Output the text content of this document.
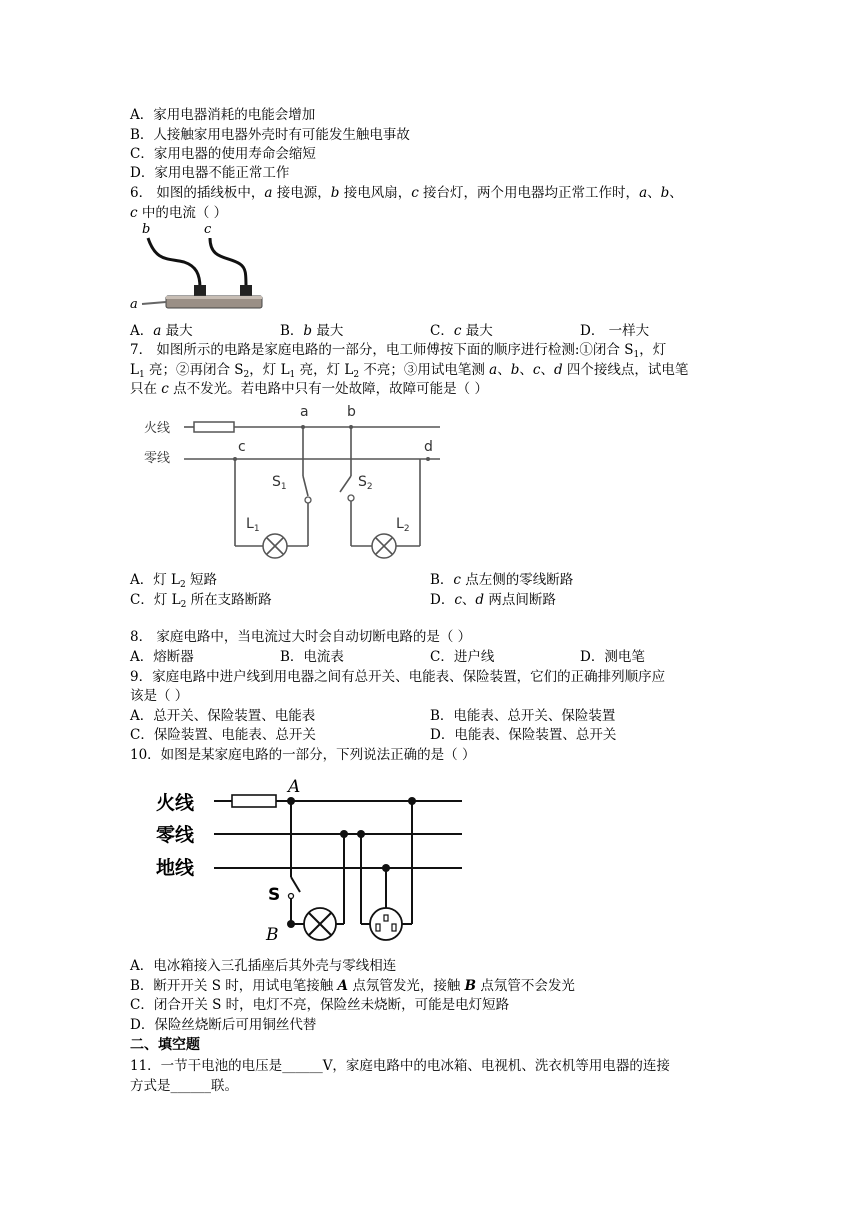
A．家用电器消耗的电能会增加
B．人接触家用电器外壳时有可能发生触电事故
C．家用电器的使用寿命会缩短
D．家用电器不能正常工作
6． 如图的插线板中，a 接电源，b 接电风扇，c 接台灯，两个用电器均正常工作时，a、b、
c 中的电流（ ）
b	c
a
A．a 最大	B．b 最大	C．c 最大	D． 一样大
7． 如图所示的电路是家庭电路的一部分，电工师傅按下面的顺序进行检测:①闭合 $S_1$，灯
$L_1$ 亮；②再闭合 $S_2$，灯 $L_1$ 亮，灯 $L_2$ 不亮；③用试电笔测 a、b、c、d 四个接线点，试电笔
只在 c 点不发光。若电路中只有一处故障，故障可能是（ ）
火线
零线
a	b
c	d
$S_1$	$S_2$
$L_1$	$L_2$
A．灯 $L_2$ 短路	B．c 点左侧的零线断路
C．灯 $L_2$ 所在支路断路	D．c、d 两点间断路
8． 家庭电路中，当电流过大时会自动切断电路的是（ ）
A．熔断器	B．电流表	C．进户线	D．测电笔
9．家庭电路中进户线到用电器之间有总开关、电能表、保险装置，它们的正确排列顺序应
该是（ ）
A．总开关、保险装置、电能表	B．电能表、总开关、保险装置
C．保险装置、电能表、总开关	D．电能表、保险装置、总开关
10．如图是某家庭电路的一部分，下列说法正确的是（ ）
火线
零线
地线
A
S
B
A．电冰箱接入三孔插座后其外壳与零线相连
B．断开开关 S 时，用试电笔接触 A 点氖管发光，接触 B 点氖管不会发光
C．闭合开关 S 时，电灯不亮，保险丝未烧断，可能是电灯短路
D．保险丝烧断后可用铜丝代替
二、填空题
11．一节干电池的电压是______V，家庭电路中的电冰箱、电视机、洗衣机等用电器的连接
方式是______联。
